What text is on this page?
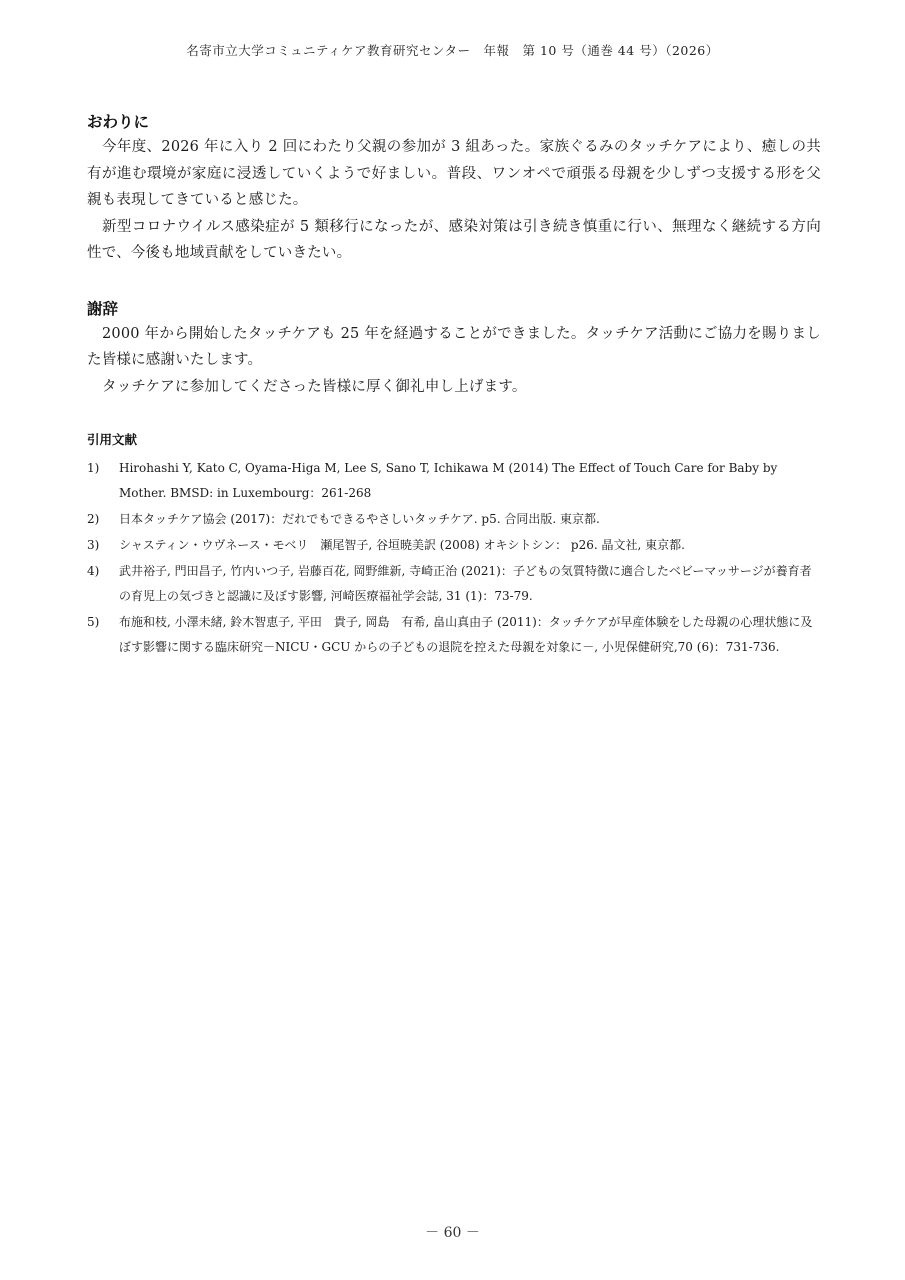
名寄市立大学コミュニティケア教育研究センター　年報　第 10 号（通巻 44 号）（2026）
おわりに

今年度、2026 年に入り 2 回にわたり父親の参加が 3 組あった。家族ぐるみのタッチケアにより、癒しの共有が進む環境が家庭に浸透していくようで好ましい。普段、ワンオペで頑張る母親を少しずつ支援する形を父親も表現してきていると感じた。

新型コロナウイルス感染症が 5 類移行になったが、感染対策は引き続き慎重に行い、無理なく継続する方向性で、今後も地域貢献をしていきたい。

謝辞

2000 年から開始したタッチケアも 25 年を経過することができました。タッチケア活動にご協力を賜りました皆様に感謝いたします。

タッチケアに参加してくださった皆様に厚く御礼申し上げます。

引用文献
1)	Hirohashi Y, Kato C, Oyama-Higa M, Lee S, Sano T, Ichikawa M (2014) The Effect of Touch Care for Baby by Mother. BMSD: in Luxembourg：261-268
2)	日本タッチケア協会 (2017)：だれでもできるやさしいタッチケア. p5. 合同出版. 東京都.
3)	シャスティン・ウヴネース・モベリ　瀬尾智子, 谷垣暁美訳 (2008) オキシトシン： p26. 晶文社, 東京都.
4)	武井裕子, 門田昌子, 竹内いつ子, 岩藤百花, 岡野維新, 寺崎正治 (2021)：子どもの気質特徴に適合したベビーマッサージが養育者の育児上の気づきと認識に及ぼす影響, 河崎医療福祉学会誌, 31 (1)：73-79.
5)	布施和枝, 小澤未緒, 鈴木智恵子, 平田　貴子, 岡島　有希, 畠山真由子 (2011)：タッチケアが早産体験をした母親の心理状態に及ぼす影響に関する臨床研究－NICU・GCU からの子どもの退院を控えた母親を対象に－, 小児保健研究,70 (6)：731-736.
－ 60 －
